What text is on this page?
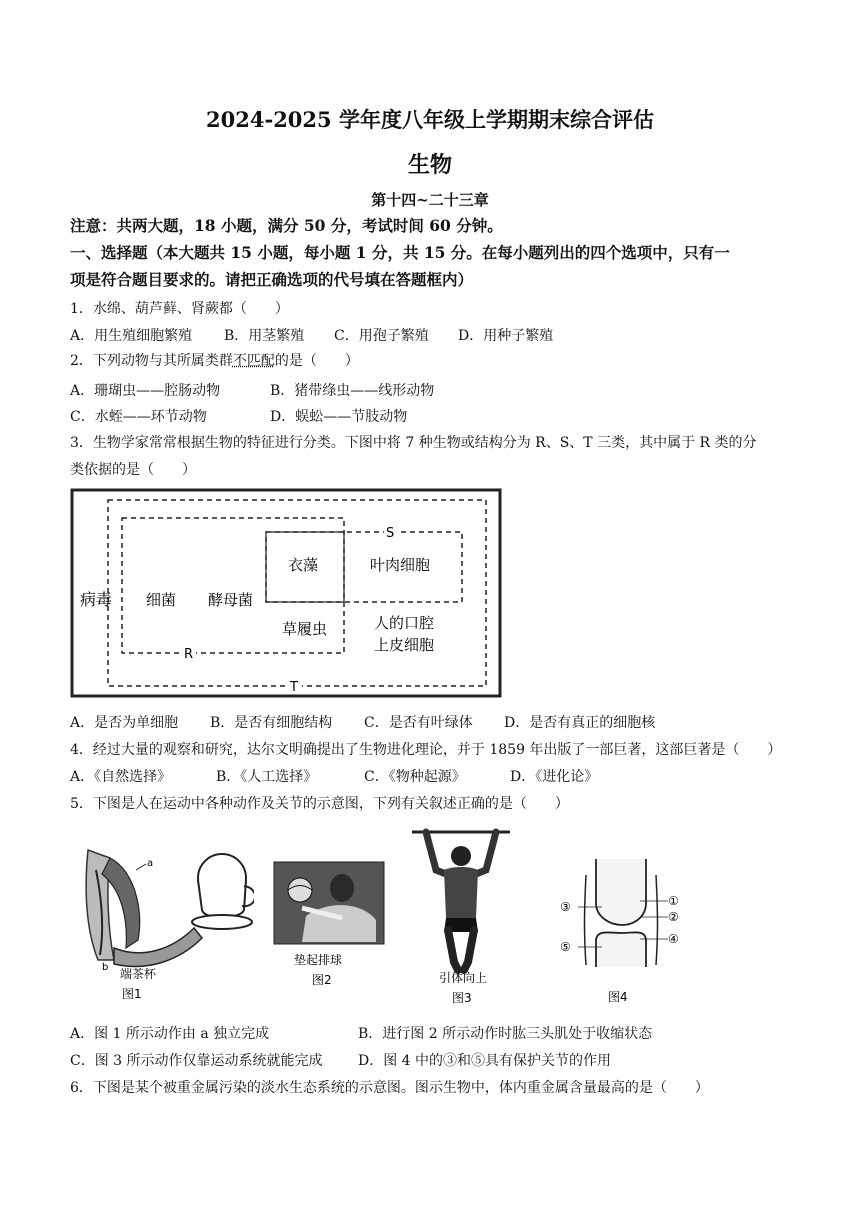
2024-2025 学年度八年级上学期期末综合评估
生物
第十四~二十三章
注意：共两大题，18 小题，满分 50 分，考试时间 60 分钟。
一、选择题（本大题共 15 小题，每小题 1 分，共 15 分。在每小题列出的四个选项中，只有一
项是符合题目要求的。请把正确选项的代号填在答题框内）
1．水绵、葫芦藓、肾蕨都（　　）
A．用生殖细胞繁殖 B．用茎繁殖 C．用孢子繁殖 D．用种子繁殖
2．下列动物与其所属类群不匹配的是（　　）
A．珊瑚虫——腔肠动物	B．猪带绦虫——线形动物
C．水蛭——环节动物	D．蜈蚣——节肢动物
3．生物学家常常根据生物的特征进行分类。下图中将 7 种生物或结构分为 R、S、T 三类，其中属于 R 类的分
类依据的是（　　）
病毒 细菌 酵母菌
衣藻	叶肉细胞
草履虫	人的口腔
上皮细胞
R
S
T
A．是否为单细胞 B．是否有细胞结构 C．是否有叶绿体 D．是否有真正的细胞核
4．经过大量的观察和研究，达尔文明确提出了生物进化理论，并于 1859 年出版了一部巨著，这部巨著是（　　）
A．《自然选择》	B．《人工选择》	C．《物种起源》	D．《进化论》
5．下图是人在运动中各种动作及关节的示意图，下列有关叙述正确的是（　　）
a
b 端茶杯
图1
垫起排球
图2	引体向上
图3
①
②
③
④
⑤
图4
A．图 1 所示动作由 a 独立完成	B．进行图 2 所示动作时肱三头肌处于收缩状态
C．图 3 所示动作仅靠运动系统就能完成	D．图 4 中的③和⑤具有保护关节的作用
6．下图是某个被重金属污染的淡水生态系统的示意图。图示生物中，体内重金属含量最高的是（　　）
